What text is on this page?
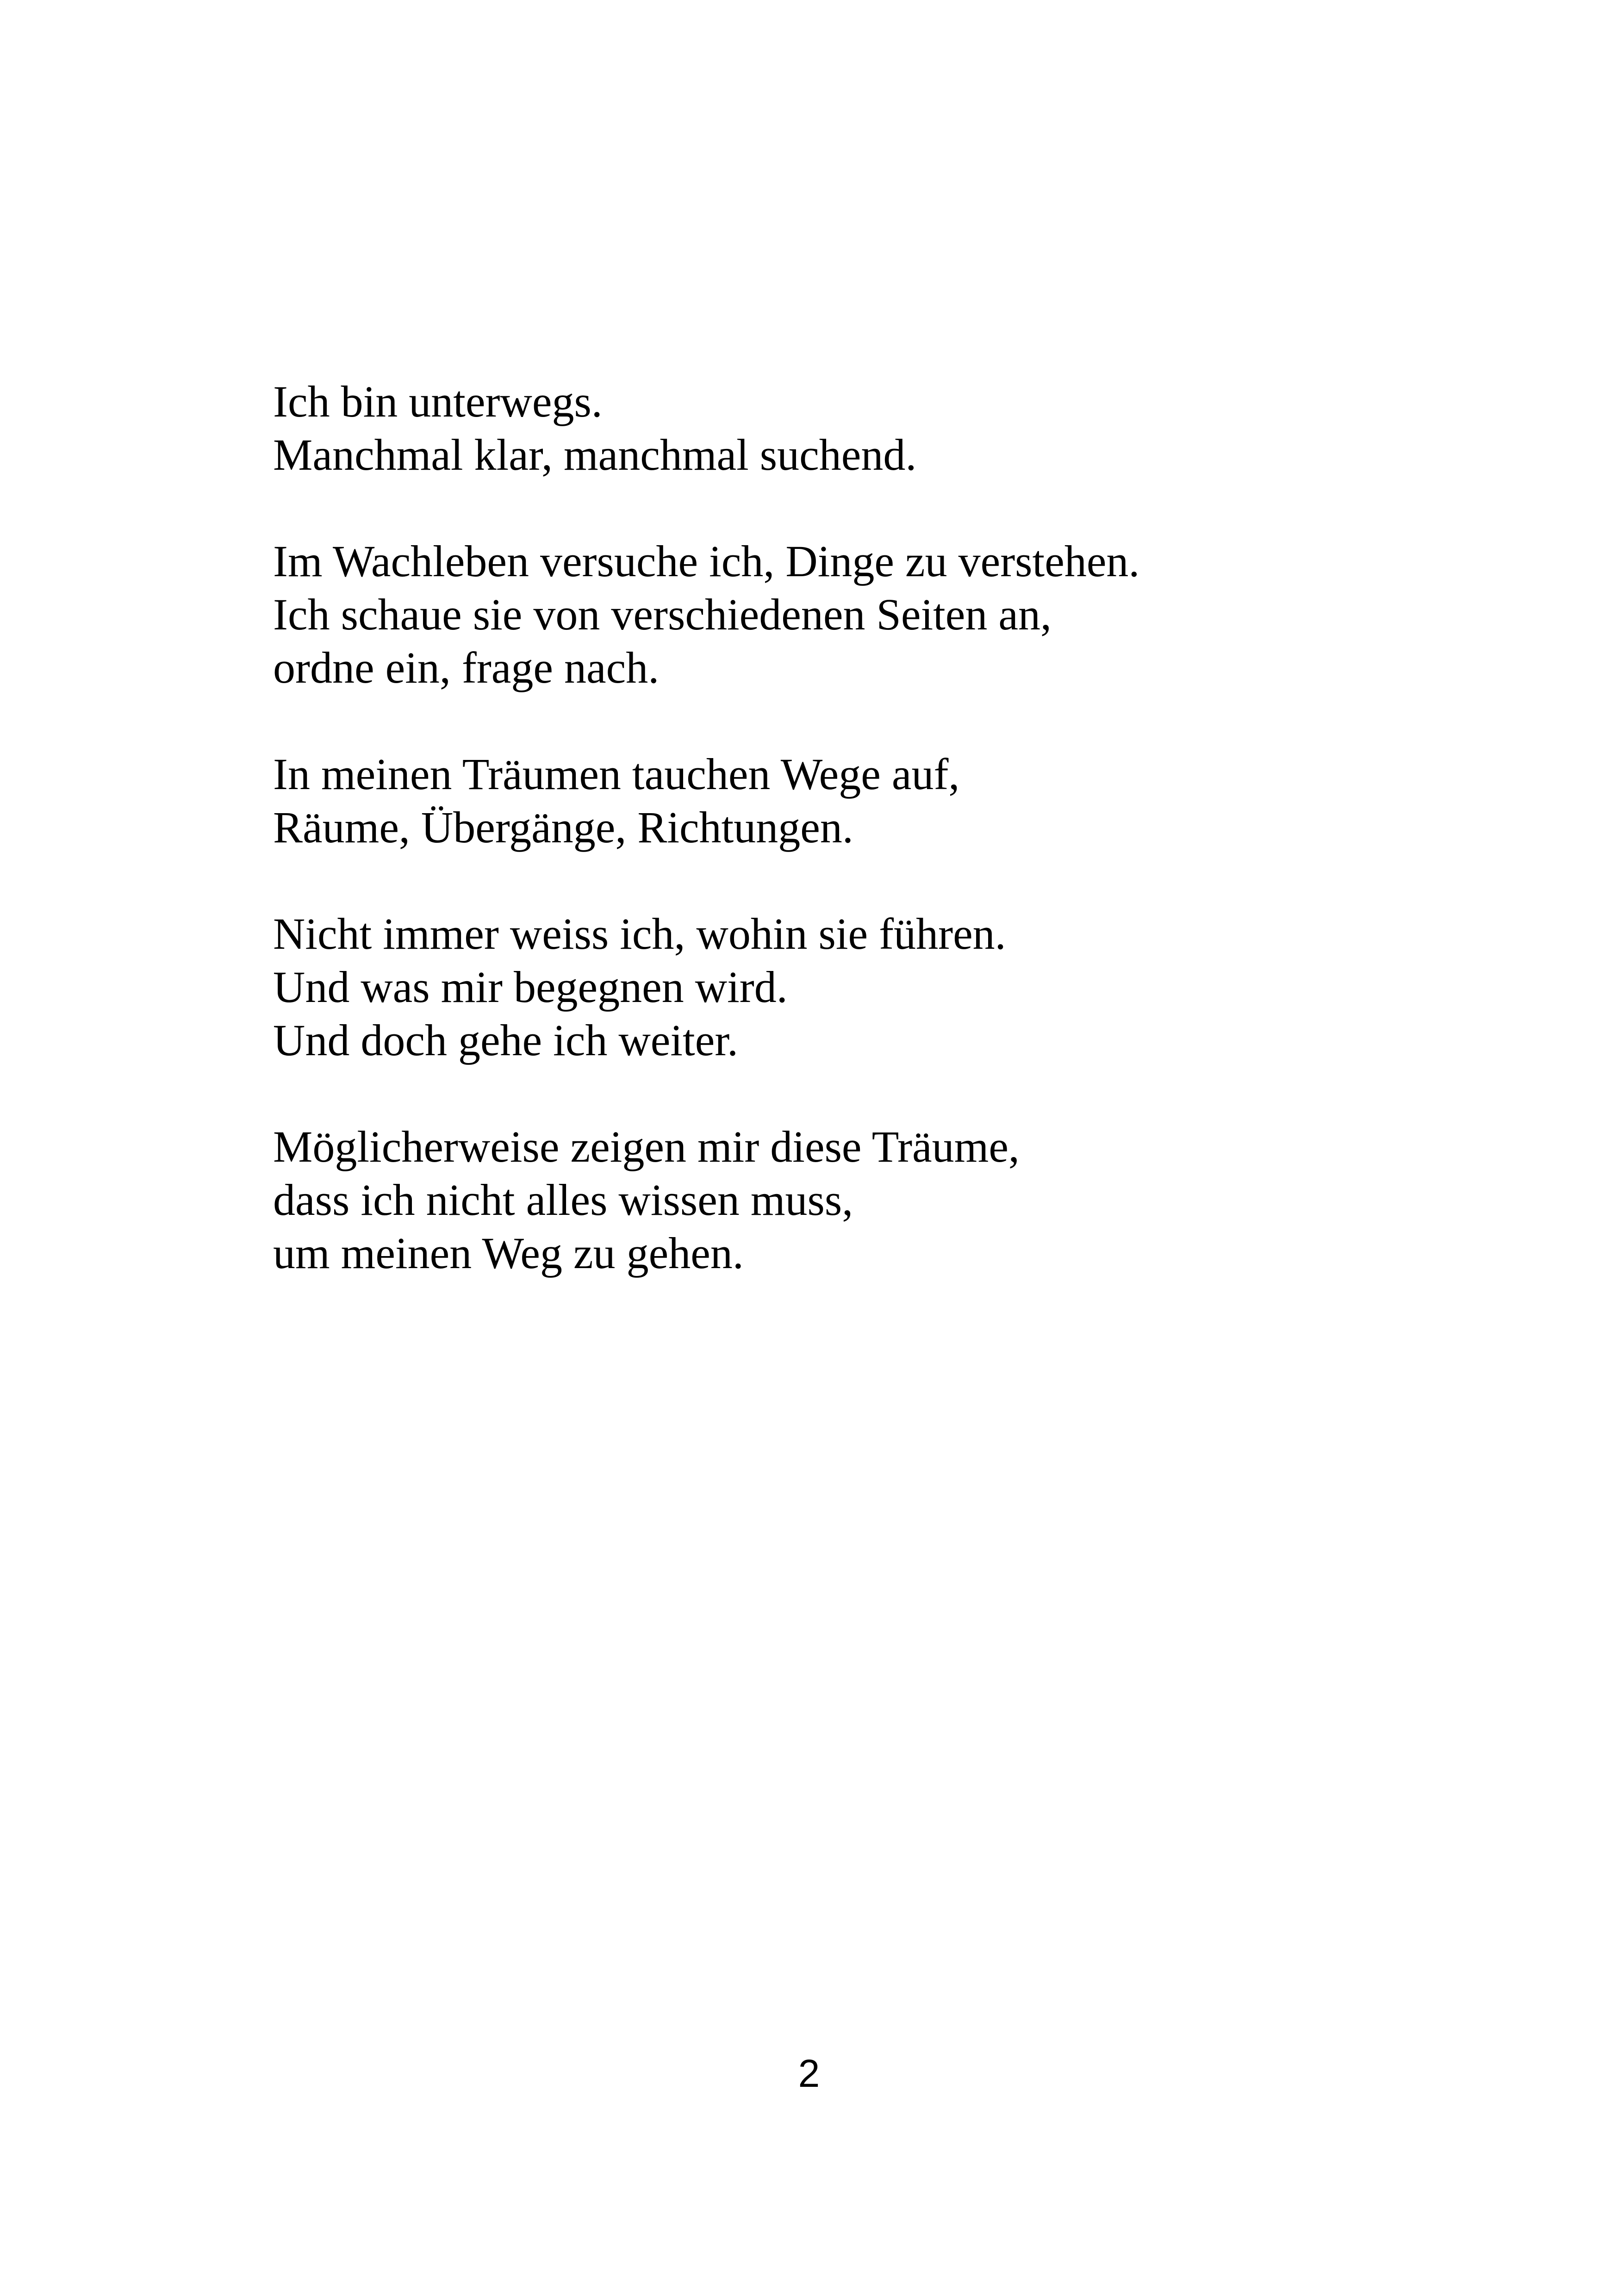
Ich bin unterwegs.
Manchmal klar, manchmal suchend.

Im Wachleben versuche ich, Dinge zu verstehen.
Ich schaue sie von verschiedenen Seiten an,
ordne ein, frage nach.

In meinen Träumen tauchen Wege auf,
Räume, Übergänge, Richtungen.

Nicht immer weiss ich, wohin sie führen.
Und was mir begegnen wird.
Und doch gehe ich weiter.

Möglicherweise zeigen mir diese Träume,
dass ich nicht alles wissen muss,
um meinen Weg zu gehen.

2
